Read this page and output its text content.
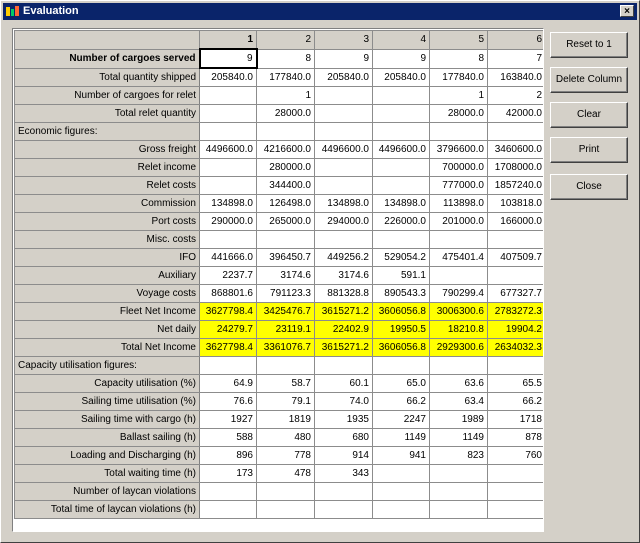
Evaluation	×
	1	2	3	4	5	6
Number of cargoes served	9	8	9	9	8	7
Total quantity shipped	205840.0	177840.0	205840.0	205840.0	177840.0	163840.0
Number of cargoes for relet		1			1	2
Total relet quantity		28000.0			28000.0	42000.0
Economic figures:						
Gross freight	4496600.0	4216600.0	4496600.0	4496600.0	3796600.0	3460600.0
Relet income		280000.0			700000.0	1708000.0
Relet costs		344400.0			777000.0	1857240.0
Commission	134898.0	126498.0	134898.0	134898.0	113898.0	103818.0
Port costs	290000.0	265000.0	294000.0	226000.0	201000.0	166000.0
Misc. costs						
IFO	441666.0	396450.7	449256.2	529054.2	475401.4	407509.7
Auxiliary	2237.7	3174.6	3174.6	591.1		
Voyage costs	868801.6	791123.3	881328.8	890543.3	790299.4	677327.7
Fleet Net Income	3627798.4	3425476.7	3615271.2	3606056.8	3006300.6	2783272.3
Net daily	24279.7	23119.1	22402.9	19950.5	18210.8	19904.2
Total Net Income	3627798.4	3361076.7	3615271.2	3606056.8	2929300.6	2634032.3
Capacity utilisation figures:						
Capacity utilisation (%)	64.9	58.7	60.1	65.0	63.6	65.5
Sailing time utilisation (%)	76.6	79.1	74.0	66.2	63.4	66.2
Sailing time with cargo (h)	1927	1819	1935	2247	1989	1718
Ballast sailing (h)	588	480	680	1149	1149	878
Loading and Discharging (h)	896	778	914	941	823	760
Total waiting time (h)	173	478	343			
Number of laycan violations						
Total time of laycan violations (h)						
Reset to 1
Delete Column
Clear
Print
Close
